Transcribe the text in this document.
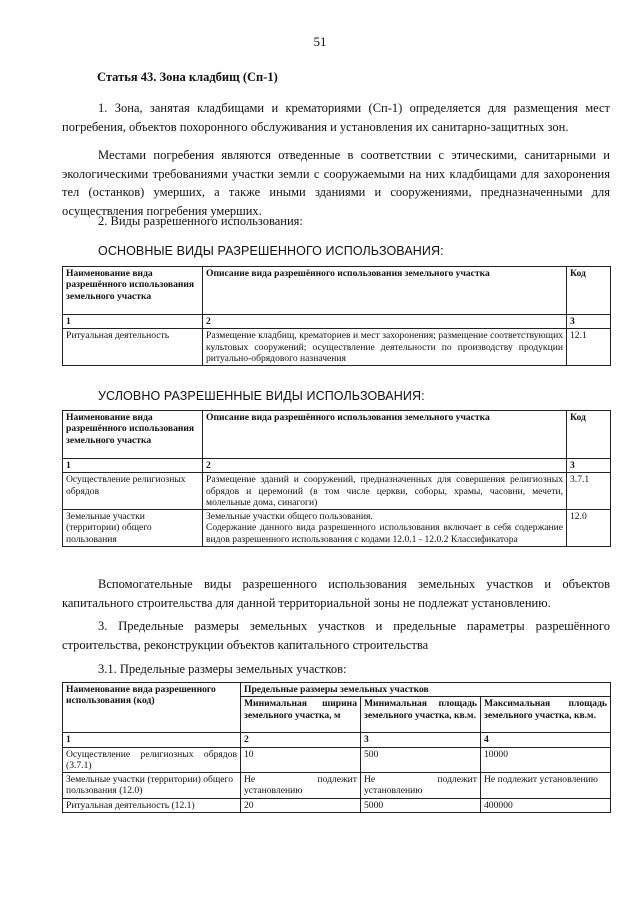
51
Статья 43. Зона кладбищ (Сп-1)

1. Зона, занятая кладбищами и крематориями (Сп-1) определяется для размещения мест погребения, объектов похоронного обслуживания и установления их санитарно-защитных зон.

Местами погребения являются отведенные в соответствии с этическими, санитарными и экологическими требованиями участки земли с сооружаемыми на них кладбищами для захоронения тел (останков) умерших, а также иными зданиями и сооружениями, предназначенными для осуществления погребения умерших.

2. Виды разрешенного использования:

ОСНОВНЫЕ ВИДЫ РАЗРЕШЕННОГО ИСПОЛЬЗОВАНИЯ:
Наименование вида разрешённого использования земельного участка	Описание вида разрешённого использования земельного участка	Код
1	2	3
Ритуальная деятельность	Размещение кладбищ, крематориев и мест захоронения; размещение соответствующих культовых сооружений; осуществление деятельности по производству продукции ритуально-обрядового назначения	12.1
УСЛОВНО РАЗРЕШЕННЫЕ ВИДЫ ИСПОЛЬЗОВАНИЯ:
Наименование вида разрешённого использования земельного участка	Описание вида разрешённого использования земельного участка	Код
1	2	3
Осуществление религиозных обрядов	Размещение зданий и сооружений, предназначенных для совершения религиозных обрядов и церемоний (в том числе церкви, соборы, храмы, часовни, мечети, молельные дома, синагоги)	3.7.1
Земельные участки (территории) общего пользования	Земельные участки общего пользования.
Содержание данного вида разрешенного использования включает в себя содержание видов разрешенного использования с кодами 12.0.1 - 12.0.2 Классификатора	12.0

Вспомогательные виды разрешенного использования земельных участков и объектов капитального строительства для данной территориальной зоны не подлежат установлению.

3. Предельные размеры земельных участков и предельные параметры разрешённого строительства, реконструкции объектов капитального строительства

3.1. Предельные размеры земельных участков:

Наименование вида разрешенного использования (код)	Предельные размеры земельных участков		
	Минимальная ширина земельного участка, м	Минимальная площадь земельного участка, кв.м.	Максимальная площадь земельного участка, кв.м.
1	2	3	4
Осуществление религиозных обрядов (3.7.1)	10	500	10000
Земельные участки (территории) общего пользования (12.0)	Не подлежит установлению	Не подлежит установлению	Не подлежит установлению
Ритуальная деятельность (12.1)	20	5000	400000
